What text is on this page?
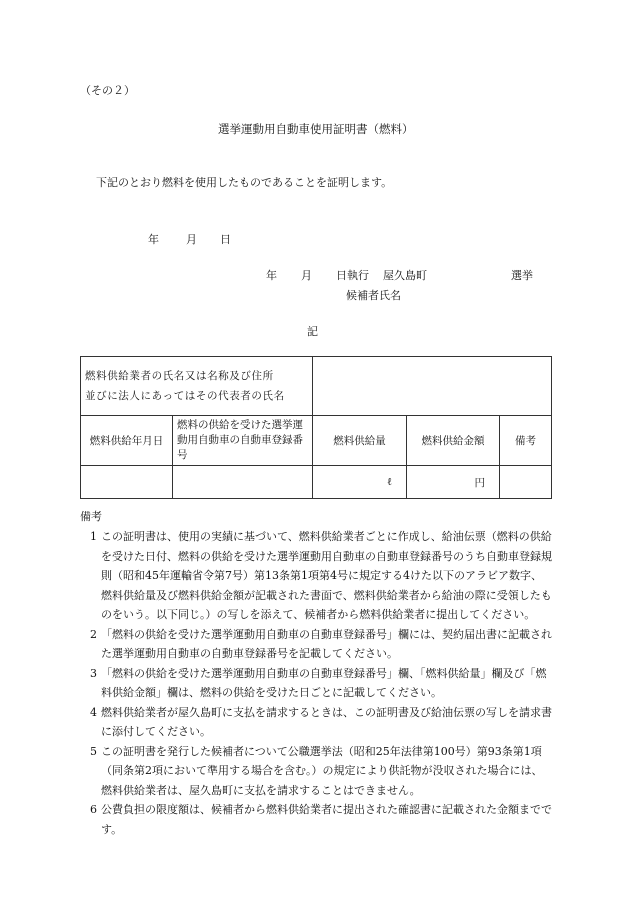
（その２）
選挙運動用自動車使用証明書（燃料）
下記のとおり燃料を使用したものであることを証明します。
年 月 日
年 月 日執行 屋久島町	選挙
候補者氏名
記
燃料供給業者の氏名又は名称及び住所
並びに法人にあってはその代表者の氏名				

燃料供給年月日	燃料の供給を受けた選挙運動用自動車の自動車登録番号	燃料供給量	燃料供給金額	備考
		ℓ	円	

備考

1 この証明書は、使用の実績に基づいて、燃料供給業者ごとに作成し、給油伝票（燃料の供給を受けた日付、燃料の供給を受けた選挙運動用自動車の自動車登録番号のうち自動車登録規則（昭和45年運輸省令第7号）第13条第1項第4号に規定する4けた以下のアラビア数字、燃料供給量及び燃料供給金額が記載された書面で、燃料供給業者から給油の際に受領したものをいう。以下同じ。）の写しを添えて、候補者から燃料供給業者に提出してください。
2 「燃料の供給を受けた選挙運動用自動車の自動車登録番号」欄には、契約届出書に記載された選挙運動用自動車の自動車登録番号を記載してください。
3 「燃料の供給を受けた選挙運動用自動車の自動車登録番号」欄、「燃料供給量」欄及び「燃料供給金額」欄は、燃料の供給を受けた日ごとに記載してください。
4 燃料供給業者が屋久島町に支払を請求するときは、この証明書及び給油伝票の写しを請求書に添付してください。
5 この証明書を発行した候補者について公職選挙法（昭和25年法律第100号）第93条第1項（同条第2項において準用する場合を含む。）の規定により供託物が没収された場合には、燃料供給業者は、屋久島町に支払を請求することはできません。
6 公費負担の限度額は、候補者から燃料供給業者に提出された確認書に記載された金額までです。
